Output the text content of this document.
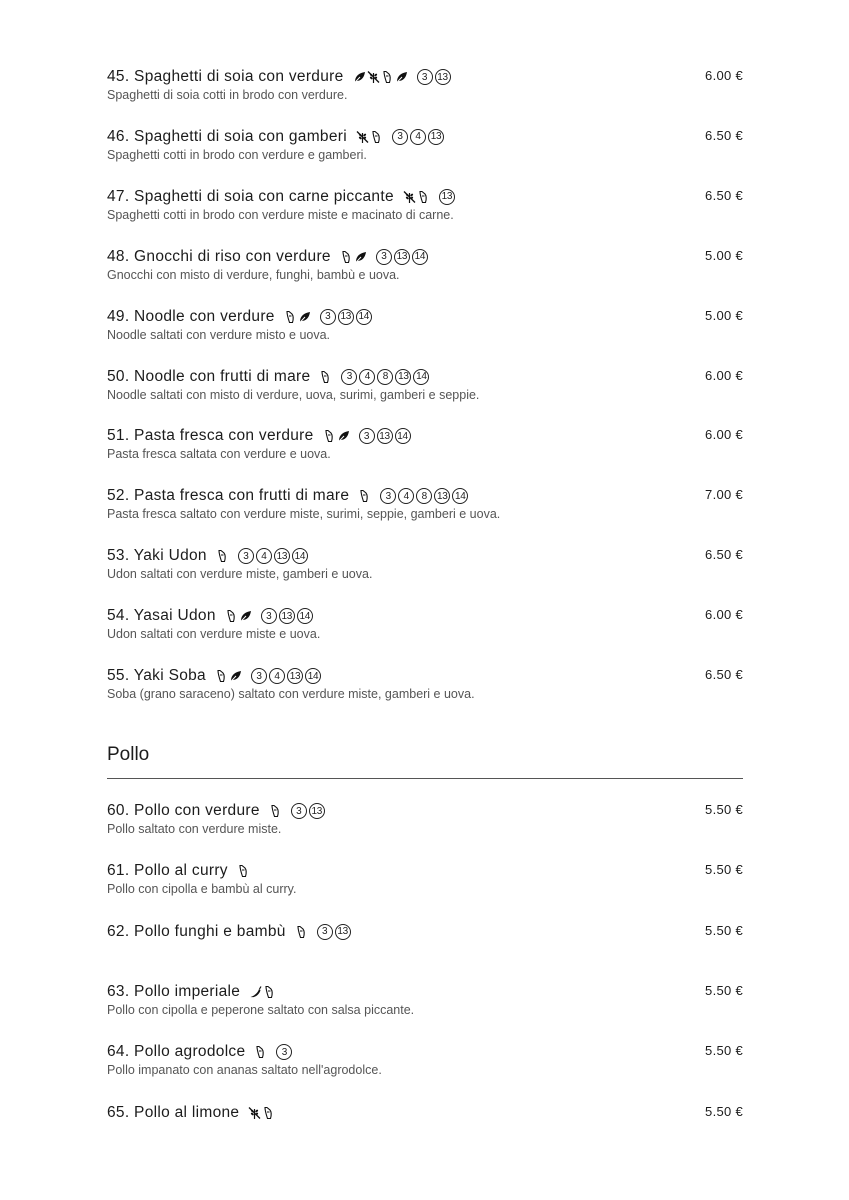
45. Spaghetti di soia con verdure	3	13	6.00 €
Spaghetti di soia cotti in brodo con verdure.
46. Spaghetti di soia con gamberi	3	4	13	6.50 €
Spaghetti cotti in brodo con verdure e gamberi.
47. Spaghetti di soia con carne piccante	13	6.50 €
Spaghetti cotti in brodo con verdure miste e macinato di carne.
48. Gnocchi di riso con verdure	3	13 14	5.00 €
Gnocchi con misto di verdure, funghi, bambù e uova.
49. Noodle con verdure	3	13 14	5.00 €
Noodle saltati con verdure misto e uova.
50. Noodle con frutti di mare	3	4	8	13 14	6.00 €
Noodle saltati con misto di verdure, uova, surimi, gamberi e seppie.
51. Pasta fresca con verdure	3	13 14	6.00 €
Pasta fresca saltata con verdure e uova.
52. Pasta fresca con frutti di mare	3	4	8	13 14	7.00 €
Pasta fresca saltato con verdure miste, surimi, seppie, gamberi e uova.
53. Yaki Udon	3	4	13 14	6.50 €
Udon saltati con verdure miste, gamberi e uova.
54. Yasai Udon	3	13 14	6.00 €
Udon saltati con verdure miste e uova.
55. Yaki Soba	3	4	13 14	6.50 €
Soba (grano saraceno) saltato con verdure miste, gamberi e uova.
Pollo
60. Pollo con verdure	3	13	5.50 €
Pollo saltato con verdure miste.
61. Pollo al curry	5.50 €
Pollo con cipolla e bambù al curry.
62. Pollo funghi e bambù	3	13	5.50 €
63. Pollo imperiale	5.50 €
Pollo con cipolla e peperone saltato con salsa piccante.
64. Pollo agrodolce	3	5.50 €
Pollo impanato con ananas saltato nell'agrodolce.
65. Pollo al limone	5.50 €
